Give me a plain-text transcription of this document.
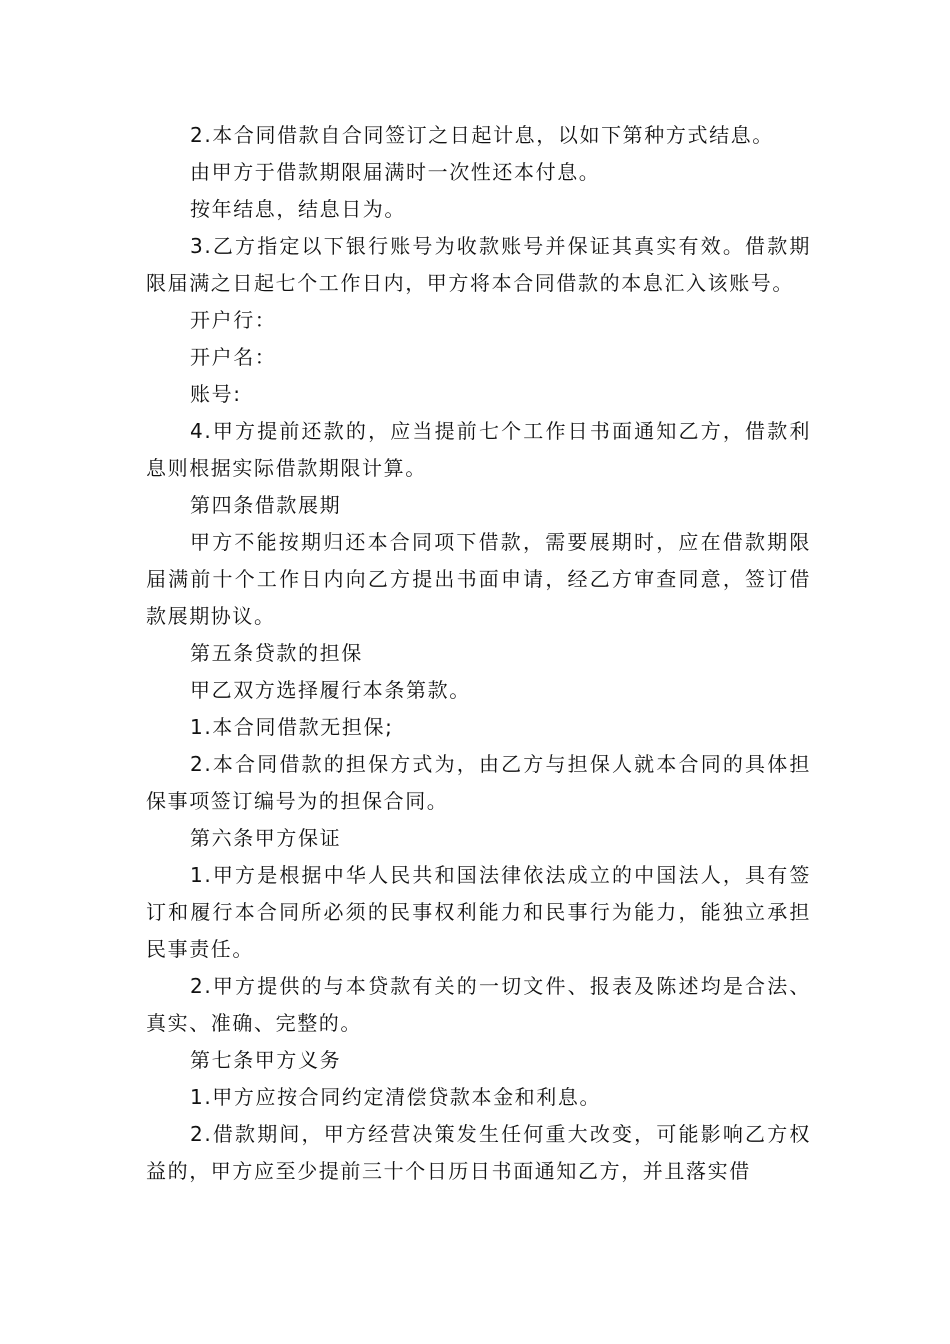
2.本合同借款自合同签订之日起计息，以如下第种方式结息。

由甲方于借款期限届满时一次性还本付息。

按年结息，结息日为。

3.乙方指定以下银行账号为收款账号并保证其真实有效。借款期限届满之日起七个工作日内，甲方将本合同借款的本息汇入该账号。

开户行：

开户名：

账号:

4.甲方提前还款的，应当提前七个工作日书面通知乙方，借款利息则根据实际借款期限计算。

第四条借款展期

甲方不能按期归还本合同项下借款，需要展期时，应在借款期限届满前十个工作日内向乙方提出书面申请，经乙方审查同意，签订借款展期协议。

第五条贷款的担保

甲乙双方选择履行本条第款。

1.本合同借款无担保;

2.本合同借款的担保方式为，由乙方与担保人就本合同的具体担保事项签订编号为的担保合同。

第六条甲方保证

1.甲方是根据中华人民共和国法律依法成立的中国法人，具有签订和履行本合同所必须的民事权利能力和民事行为能力，能独立承担民事责任。

2.甲方提供的与本贷款有关的一切文件、报表及陈述均是合法、真实、准确、完整的。

第七条甲方义务

1.甲方应按合同约定清偿贷款本金和利息。

2.借款期间，甲方经营决策发生任何重大改变，可能影响乙方权益的，甲方应至少提前三十个日历日书面通知乙方，并且落实借
